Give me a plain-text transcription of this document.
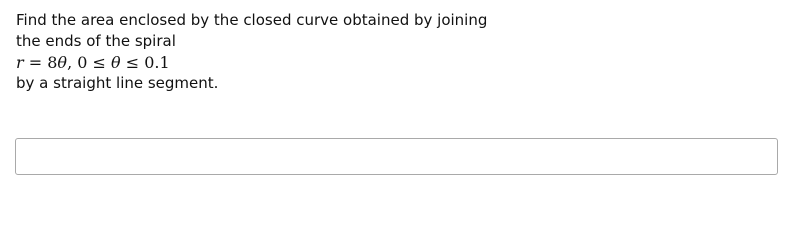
Find the area enclosed by the closed curve obtained by joining
the ends of the spiral
r = 8θ, 0 ≤ θ ≤ 0.1
by a straight line segment.
